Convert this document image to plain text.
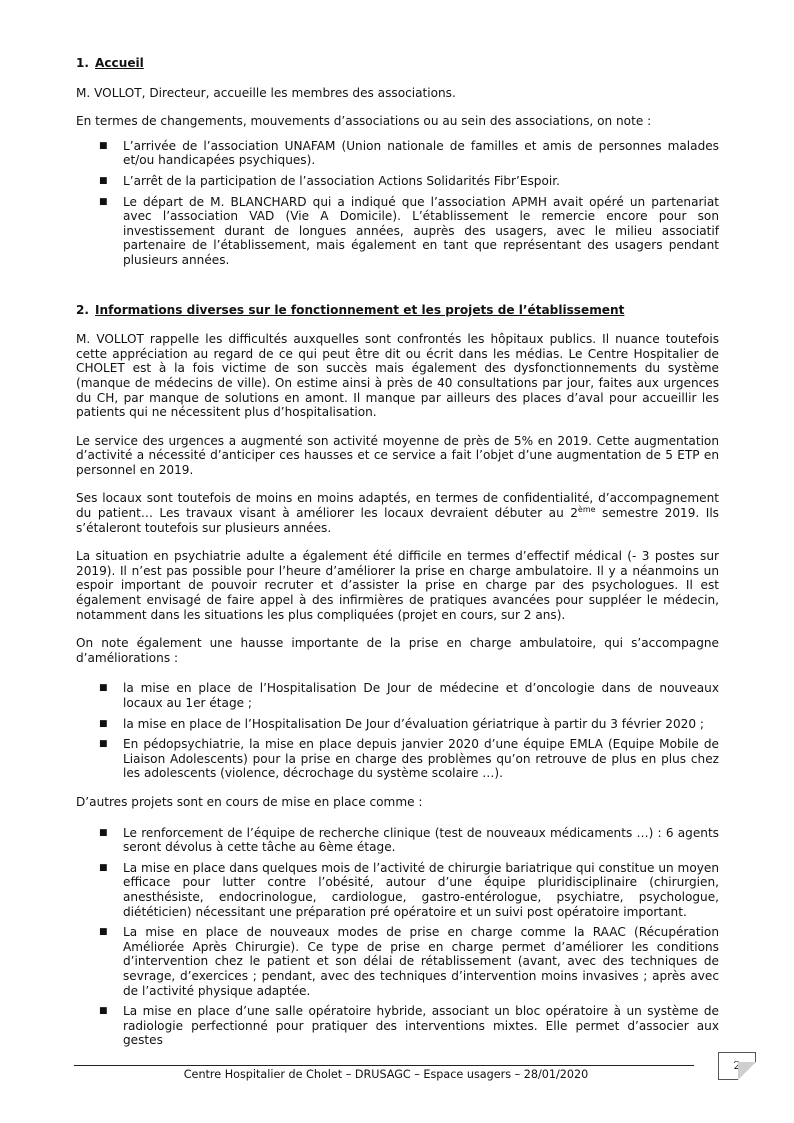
1. Accueil

M. VOLLOT, Directeur, accueille les membres des associations.

En termes de changements, mouvements d’associations ou au sein des associations, on note :

■ L’arrivée de l’association UNAFAM (Union nationale de familles et amis de personnes malades et/ou handicapées psychiques).
■ L’arrêt de la participation de l’association Actions Solidarités Fibr’Espoir.
■ Le départ de M. BLANCHARD qui a indiqué que l’association APMH avait opéré un partenariat avec l’association VAD (Vie A Domicile). L’établissement le remercie encore pour son investissement durant de longues années, auprès des usagers, avec le milieu associatif partenaire de l’établissement, mais également en tant que représentant des usagers pendant plusieurs années.
2. Informations diverses sur le fonctionnement et les projets de l’établissement

M. VOLLOT rappelle les difficultés auxquelles sont confrontés les hôpitaux publics. Il nuance toutefois cette appréciation au regard de ce qui peut être dit ou écrit dans les médias. Le Centre Hospitalier de CHOLET est à la fois victime de son succès mais également des dysfonctionnements du système (manque de médecins de ville). On estime ainsi à près de 40 consultations par jour, faites aux urgences du CH, par manque de solutions en amont. Il manque par ailleurs des places d’aval pour accueillir les patients qui ne nécessitent plus d’hospitalisation.

Le service des urgences a augmenté son activité moyenne de près de 5% en 2019. Cette augmentation d’activité a nécessité d’anticiper ces hausses et ce service a fait l’objet d’une augmentation de 5 ETP en personnel en 2019.

Ses locaux sont toutefois de moins en moins adaptés, en termes de confidentialité, d’accompagnement du patient… Les travaux visant à améliorer les locaux devraient débuter au 2ème semestre 2019. Ils s’étaleront toutefois sur plusieurs années.

La situation en psychiatrie adulte a également été difficile en termes d’effectif médical (- 3 postes sur 2019). Il n’est pas possible pour l’heure d’améliorer la prise en charge ambulatoire. Il y a néanmoins un espoir important de pouvoir recruter et d’assister la prise en charge par des psychologues. Il est également envisagé de faire appel à des infirmières de pratiques avancées pour suppléer le médecin, notamment dans les situations les plus compliquées (projet en cours, sur 2 ans).

On note également une hausse importante de la prise en charge ambulatoire, qui s’accompagne d’améliorations :

■ la mise en place de l’Hospitalisation De Jour de médecine et d’oncologie dans de nouveaux locaux au 1er étage ;
■ la mise en place de l’Hospitalisation De Jour d’évaluation gériatrique à partir du 3 février 2020 ;
■ En pédopsychiatrie, la mise en place depuis janvier 2020 d’une équipe EMLA (Equipe Mobile de Liaison Adolescents) pour la prise en charge des problèmes qu’on retrouve de plus en plus chez les adolescents (violence, décrochage du système scolaire …).

D’autres projets sont en cours de mise en place comme :

■ Le renforcement de l’équipe de recherche clinique (test de nouveaux médicaments …) : 6 agents seront dévolus à cette tâche au 6ème étage.
■ La mise en place dans quelques mois de l’activité de chirurgie bariatrique qui constitue un moyen efficace pour lutter contre l’obésité, autour d’une équipe pluridisciplinaire (chirurgien, anesthésiste, endocrinologue, cardiologue, gastro-entérologue, psychiatre, psychologue, diététicien) nécessitant une préparation pré opératoire et un suivi post opératoire important.
■ La mise en place de nouveaux modes de prise en charge comme la RAAC (Récupération Améliorée Après Chirurgie). Ce type de prise en charge permet d’améliorer les conditions d’intervention chez le patient et son délai de rétablissement (avant, avec des techniques de sevrage, d’exercices ; pendant, avec des techniques d’intervention moins invasives ; après avec de l’activité physique adaptée.
■ La mise en place d’une salle opératoire hybride, associant un bloc opératoire à un système de radiologie perfectionné pour pratiquer des interventions mixtes. Elle permet d’associer aux gestes
Centre Hospitalier de Cholet – DRUSAGC – Espace usagers – 28/01/2020
2
